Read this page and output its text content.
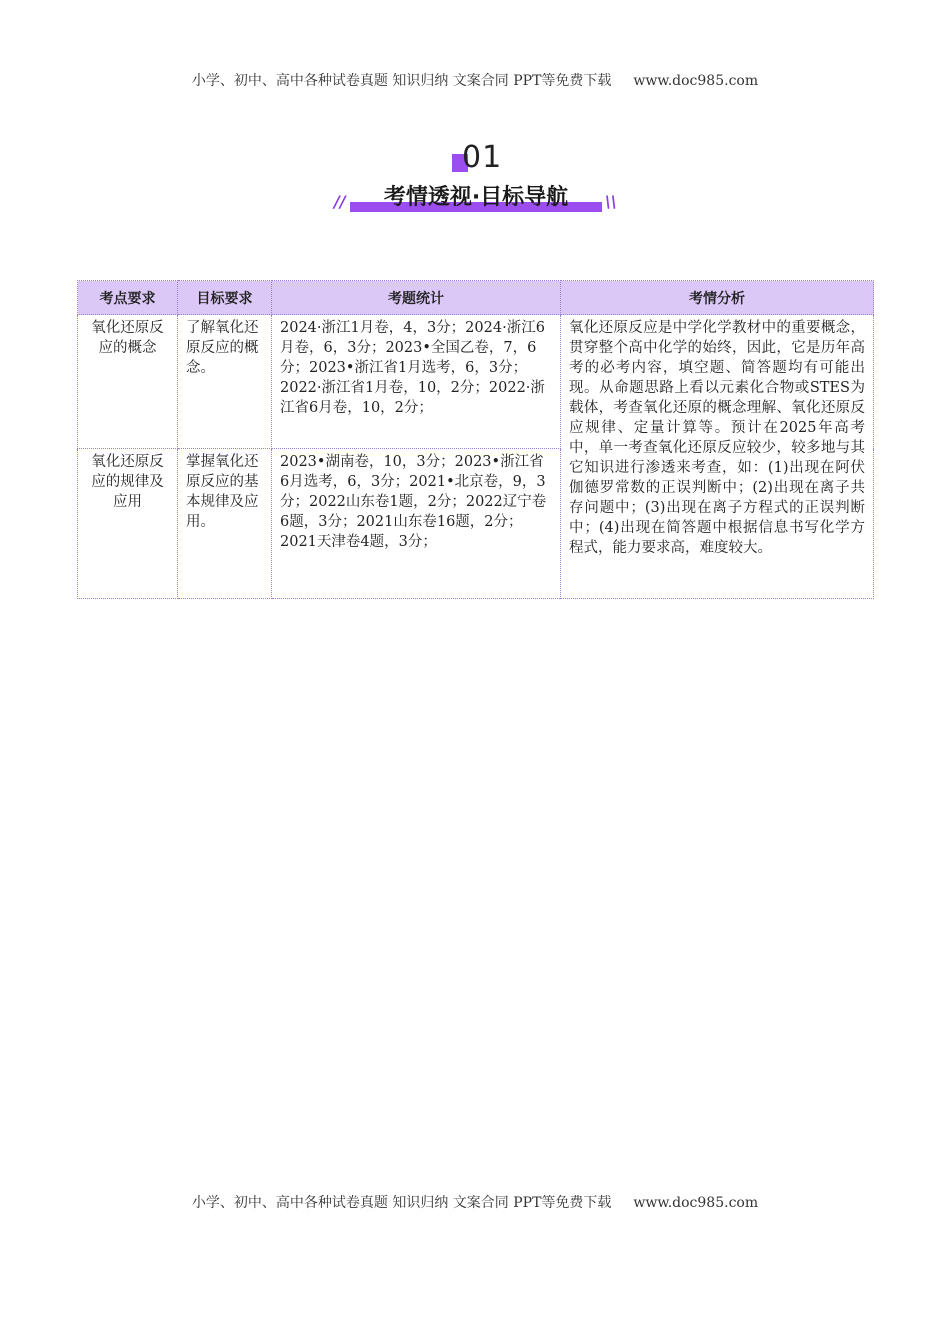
小学、初中、高中各种试卷真题 知识归纳 文案合同 PPT等免费下载 www.doc985.com
01
//	考情透视·目标导航	\\
考点要求	目标要求	考题统计	考情分析
氧化还原反应的概念	了解氧化还原反应的概念。	2024·浙江1月卷，4，3分；2024·浙江6月卷，6，3分；2023•全国乙卷，7，6分；2023•浙江省1月选考，6，3分；2022·浙江省1月卷，10，2分；2022·浙江省6月卷，10，2分；	氧化还原反应是中学化学教材中的重要概念，贯穿整个高中化学的始终，因此，它是历年高考的必考内容，填空题、简答题均有可能出现。从命题思路上看以元素化合物或STES为载体，考查氧化还原的概念理解、氧化还原反应规律、定量计算等。预计在2025年高考中，单一考查氧化还原反应较少，较多地与其它知识进行渗透来考查，如：(1)出现在阿伏伽德罗常数的正误判断中；(2)出现在离子共存问题中；(3)出现在离子方程式的正误判断中；(4)出现在简答题中根据信息书写化学方程式，能力要求高，难度较大。
氧化还原反应的规律及应用	掌握氧化还原反应的基本规律及应用。	2023•湖南卷，10，3分；2023•浙江省6月选考，6，3分；2021•北京卷，9，3分；2022山东卷1题，2分；2022辽宁卷6题，3分；2021山东卷16题，2分；2021天津卷4题，3分；	
小学、初中、高中各种试卷真题 知识归纳 文案合同 PPT等免费下载 www.doc985.com
